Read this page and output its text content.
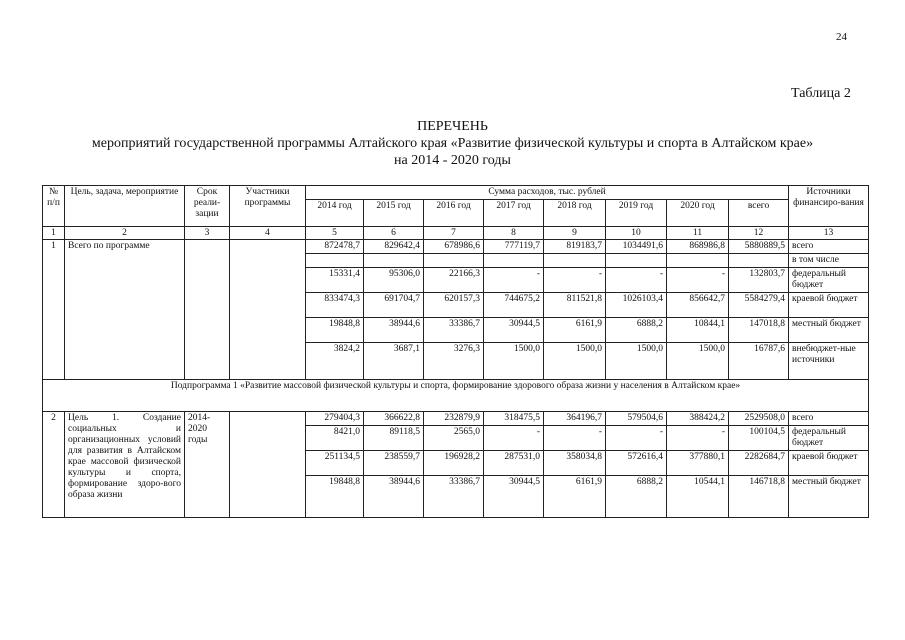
24
Таблица 2
ПЕРЕЧЕНЬ
мероприятий государственной программы Алтайского края «Развитие физической культуры и спорта в Алтайском крае»
на 2014 - 2020 годы
№ п/п	Цель, задача, мероприятие	Срок реали-зации	Участники программы	Сумма расходов, тыс. рублей								Источники финансиро-вания
				2014 год	2015 год	2016 год	2017 год	2018 год	2019 год	2020 год	всего	
1	2	3	4	5	6	7	8	9	10	11	12	13
1	Всего по программе			872478,7	829642,4	678986,6	777119,7	819183,7	1034491,6	868986,8	5880889,5	всего
												в том числе
				15331,4	95306,0	22166,3	-	-	-	-	132803,7	федеральный бюджет
				833474,3	691704,7	620157,3	744675,2	811521,8	1026103,4	856642,7	5584279,4	краевой бюджет
				19848,8	38944,6	33386,7	30944,5	6161,9	6888,2	10844,1	147018,8	местный бюджет
				3824,2	3687,1	3276,3	1500,0	1500,0	1500,0	1500,0	16787,6	внебюджет-ные источники
Подпрограмма 1 «Развитие массовой физической культуры и спорта, формирование здорового образа жизни у населения в Алтайском крае»												
2	Цель 1. Создание социальных и организационных условий для развития в Алтайском крае массовой физической культуры и спорта, формирование здоро-вого образа жизни	2014-2020 годы		279404,3	366622,8	232879,9	318475,5	364196,7	579504,6	388424,2	2529508,0	всего
				8421,0	89118,5	2565,0	-	-	-	-	100104,5	федеральный бюджет
				251134,5	238559,7	196928,2	287531,0	358034,8	572616,4	377880,1	2282684,7	краевой бюджет
				19848,8	38944,6	33386,7	30944,5	6161,9	6888,2	10544,1	146718,8	местный бюджет
